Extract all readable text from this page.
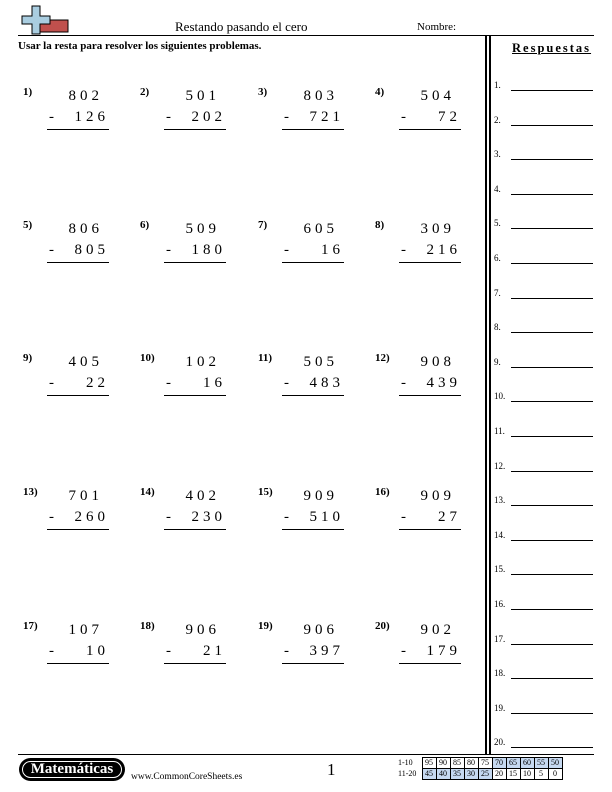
Restando pasando el cero	Nombre:
Usar la resta para resolver los siguientes problemas.
1) 802
- 126
2) 501
- 202
3) 803
- 721
4) 504
- 72
5) 806
- 805
6) 509
- 180
7) 605
- 16
8) 309
- 216
9) 405
- 22
10) 102
- 16
11) 505
- 483
12) 908
- 439
13) 701
- 260
14) 402
- 230
15) 909
- 510
16) 909
- 27
17) 107
- 10
18) 906
- 21
19) 906
- 397
20) 902
- 179
Respuestas
1.
2.
3.
4.
5.
6.
7.
8.
9.
10.
11.
12.
13.
14.
15.
16.
17.
18.
19.
20.
Matemáticas	www.CommonCoreSheets.es	1	1-10	95	90	85	80	75	70	65	60	55	50
11-20	45	40	35	30	25	20	15	10	5	0
